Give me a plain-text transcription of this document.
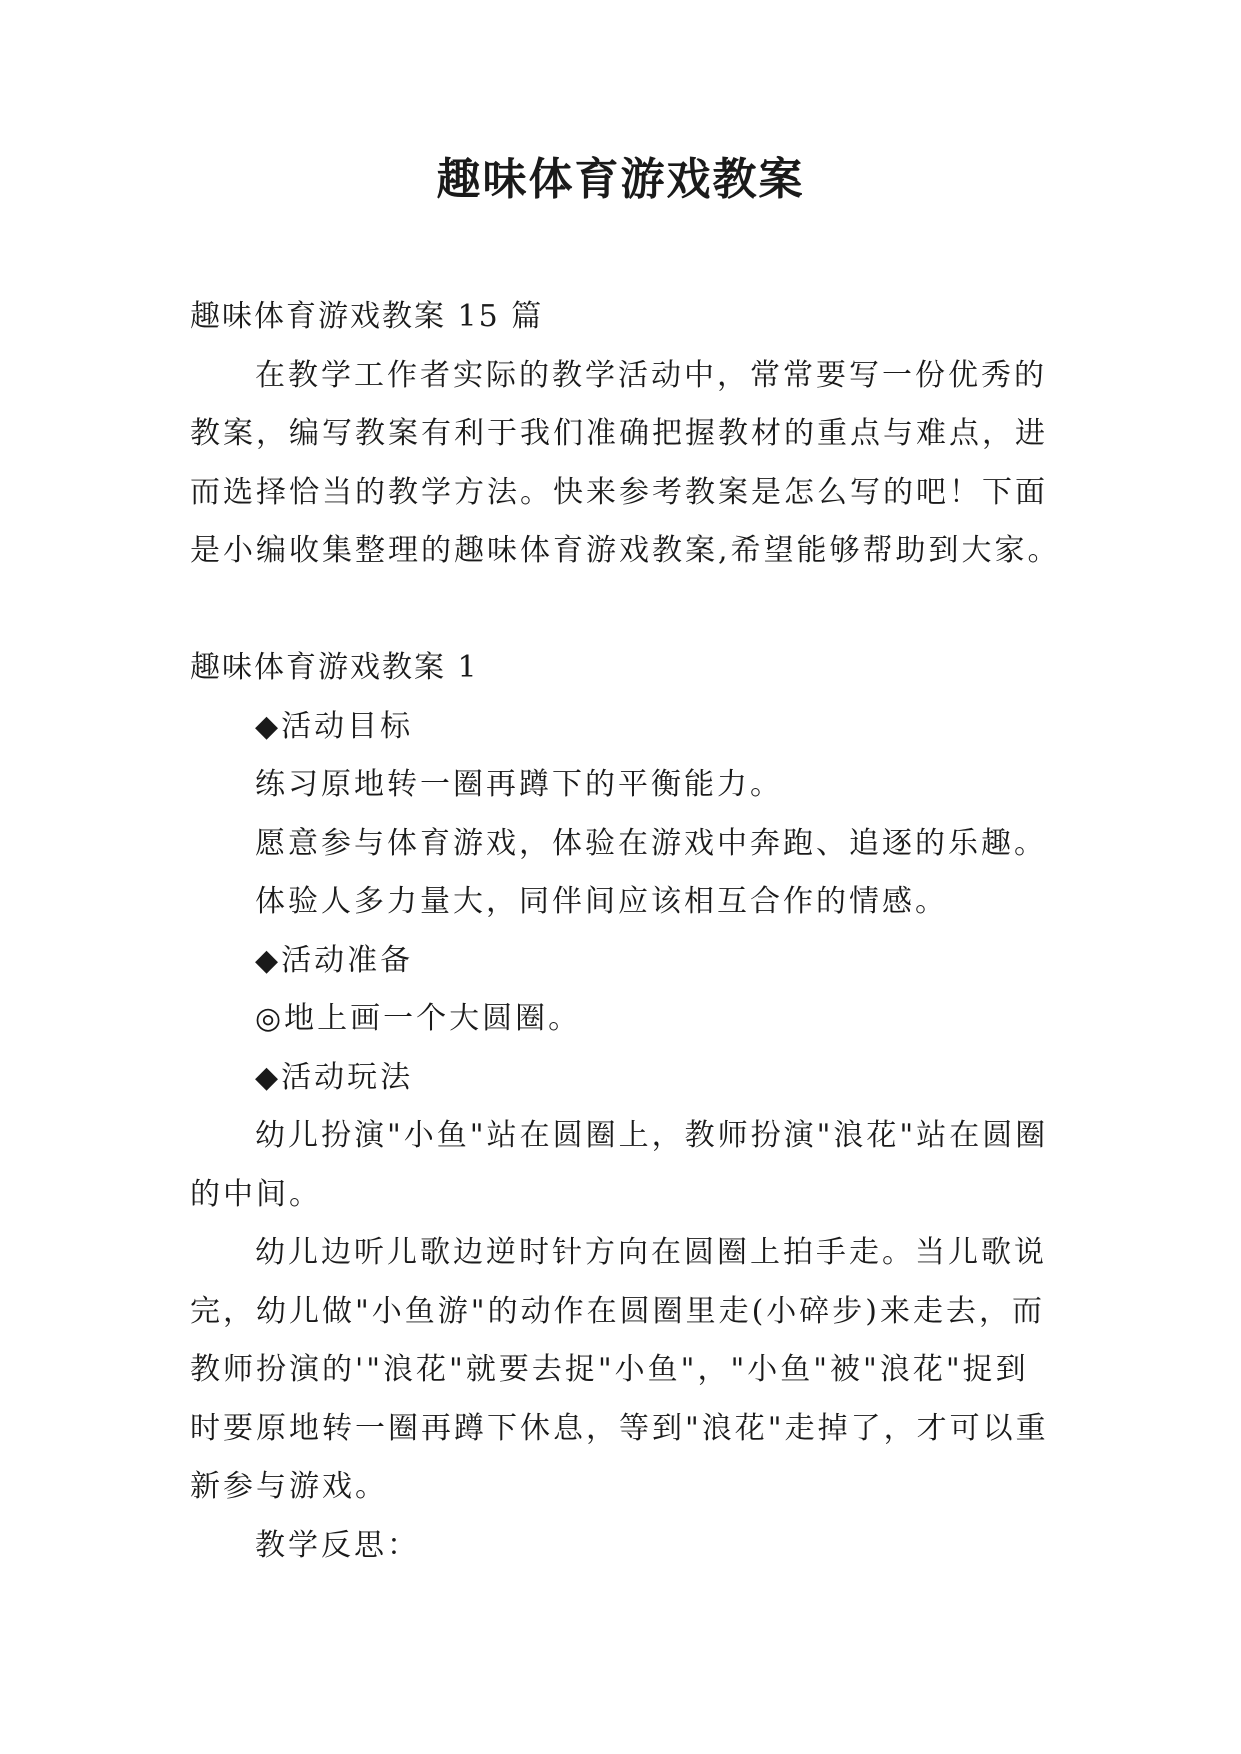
趣味体育游戏教案

趣味体育游戏教案 15 篇

在教学工作者实际的教学活动中，常常要写一份优秀的

教案，编写教案有利于我们准确把握教材的重点与难点，进

而选择恰当的教学方法。快来参考教案是怎么写的吧！下面

是小编收集整理的趣味体育游戏教案,希望能够帮助到大家。

趣味体育游戏教案 1

◆活动目标

练习原地转一圈再蹲下的平衡能力。

愿意参与体育游戏，体验在游戏中奔跑、追逐的乐趣。

体验人多力量大，同伴间应该相互合作的情感。

◆活动准备

◎地上画一个大圆圈。

◆活动玩法

幼儿扮演"小鱼"站在圆圈上，教师扮演"浪花"站在圆圈

的中间。

幼儿边听儿歌边逆时针方向在圆圈上拍手走。当儿歌说

完，幼儿做"小鱼游"的动作在圆圈里走(小碎步)来走去，而

教师扮演的'"浪花"就要去捉"小鱼"，"小鱼"被"浪花"捉到

时要原地转一圈再蹲下休息，等到"浪花"走掉了，才可以重

新参与游戏。

教学反思：
